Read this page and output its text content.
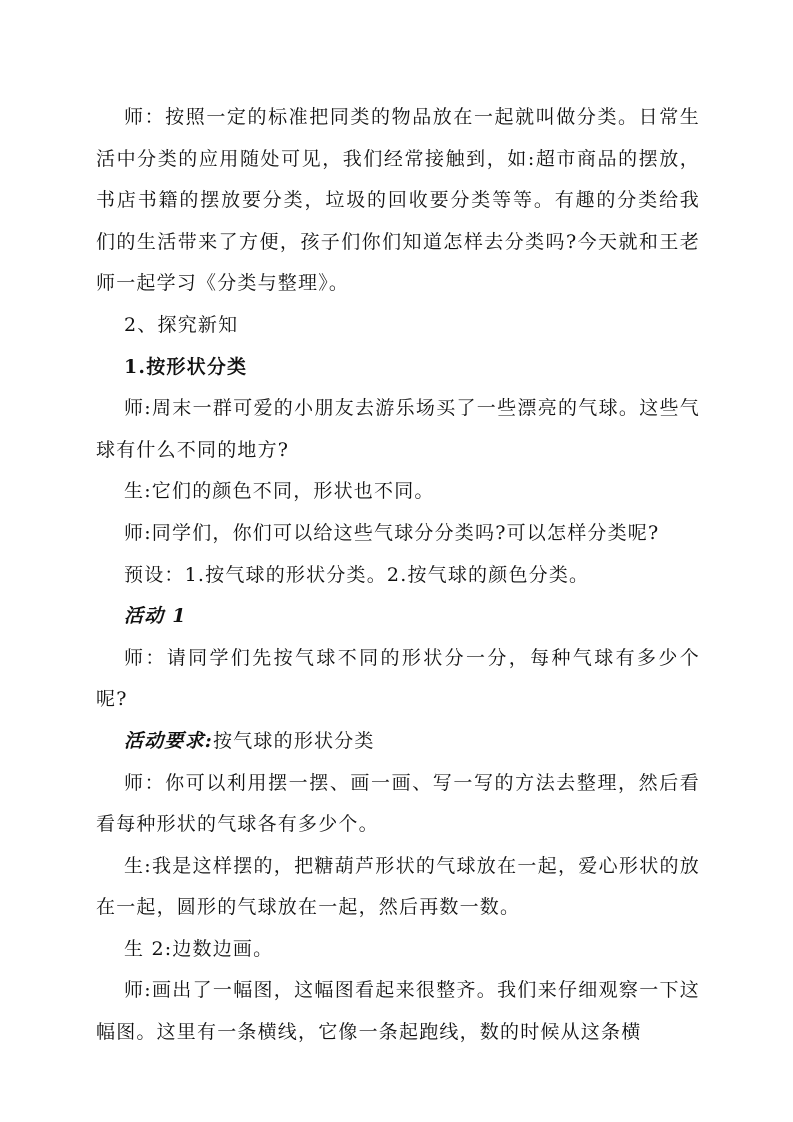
师：按照一定的标准把同类的物品放在一起就叫做分类。日常生活中分类的应用随处可见，我们经常接触到，如:超市商品的摆放，书店书籍的摆放要分类，垃圾的回收要分类等等。有趣的分类给我们的生活带来了方便，孩子们你们知道怎样去分类吗?今天就和王老师一起学习《分类与整理》。

2、探究新知

1.按形状分类

师:周末一群可爱的小朋友去游乐场买了一些漂亮的气球。这些气球有什么不同的地方?

生:它们的颜色不同，形状也不同。

师:同学们，你们可以给这些气球分分类吗?可以怎样分类呢?

预设：1.按气球的形状分类。2.按气球的颜色分类。

活动 1

师：请同学们先按气球不同的形状分一分，每种气球有多少个呢?

活动要求:按气球的形状分类

师：你可以利用摆一摆、画一画、写一写的方法去整理，然后看看每种形状的气球各有多少个。

生:我是这样摆的，把糖葫芦形状的气球放在一起，爱心形状的放在一起，圆形的气球放在一起，然后再数一数。

生 2:边数边画。

师:画出了一幅图，这幅图看起来很整齐。我们来仔细观察一下这幅图。这里有一条横线，它像一条起跑线，数的时候从这条横
